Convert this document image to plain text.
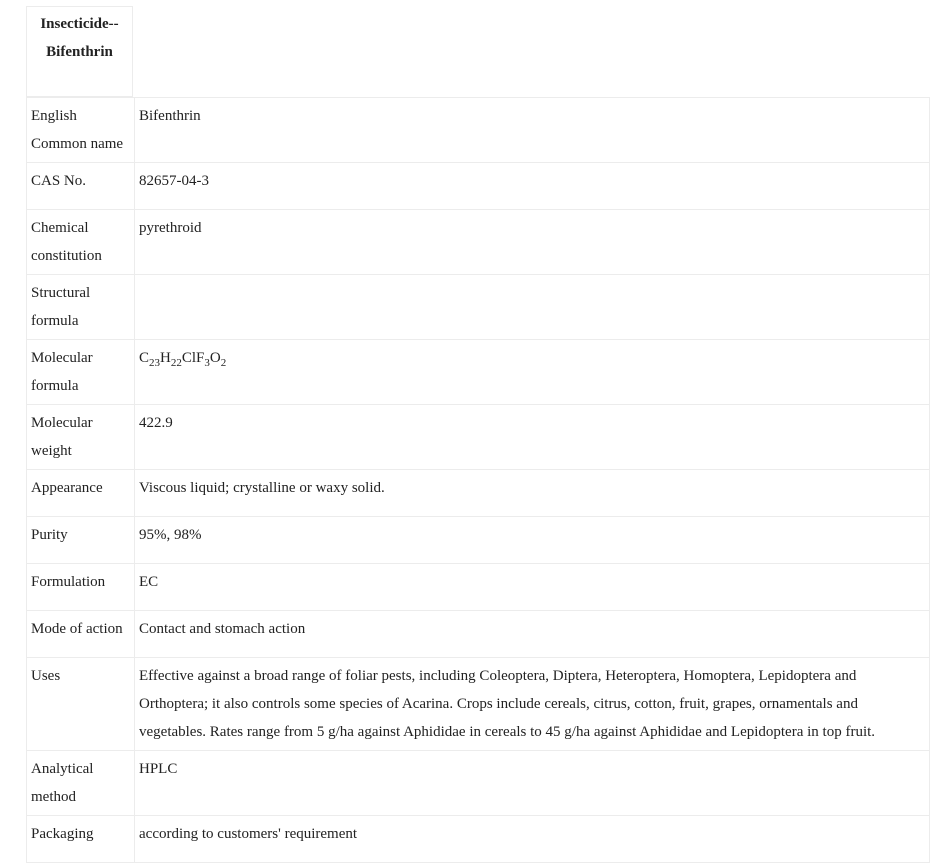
Insecticide--
Bifenthrin
English Common name	Bifenthrin
CAS No.	82657-04-3
Chemical constitution	pyrethroid
Structural formula	
Molecular formula	$C_{23}H_{22}ClF_3O_2$
Molecular weight	422.9
Appearance	Viscous liquid; crystalline or waxy solid.
Purity	95%, 98%
Formulation	EC
Mode of action	Contact and stomach action
Uses	Effective against a broad range of foliar pests, including Coleoptera, Diptera, Heteroptera, Homoptera, Lepidoptera and Orthoptera; it also controls some species of Acarina. Crops include cereals, citrus, cotton, fruit, grapes, ornamentals and vegetables. Rates range from 5 g/ha against Aphididae in cereals to 45 g/ha against Aphididae and Lepidoptera in top fruit.
Analytical method	HPLC
Packaging	according to customers' requirement
